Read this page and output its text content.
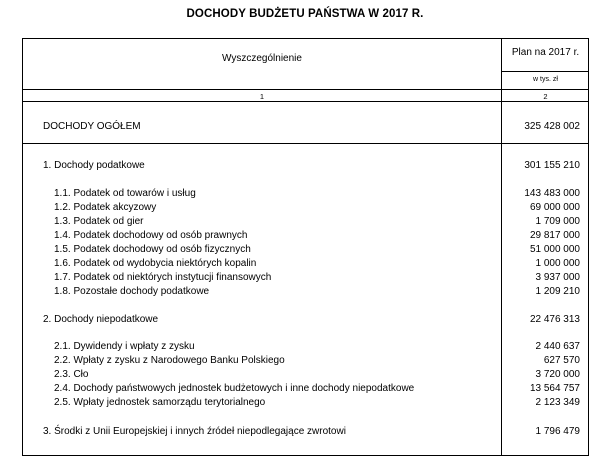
DOCHODY BUDŻETU PAŃSTWA W 2017 R.
Wyszczególnienie
Plan na 2017 r.
w tys. zł
1	2
DOCHODY OGÓŁEM	325 428 002
1. Dochody podatkowe	301 155 210
1.1. Podatek od towarów i usług	143 483 000
1.2. Podatek akcyzowy	69 000 000
1.3. Podatek od gier	1 709 000
1.4. Podatek dochodowy od osób prawnych	29 817 000
1.5. Podatek dochodowy od osób fizycznych	51 000 000
1.6. Podatek od wydobycia niektórych kopalin	1 000 000
1.7. Podatek od niektórych instytucji finansowych	3 937 000
1.8. Pozostałe dochody podatkowe	1 209 210
2. Dochody niepodatkowe	22 476 313
2.1. Dywidendy i wpłaty z zysku	2 440 637
2.2. Wpłaty z zysku z Narodowego Banku Polskiego	627 570
2.3. Cło	3 720 000
2.4. Dochody państwowych jednostek budżetowych i inne dochody niepodatkowe	13 564 757
2.5. Wpłaty jednostek samorządu terytorialnego	2 123 349
3. Środki z Unii Europejskiej i innych źródeł niepodlegające zwrotowi	1 796 479
